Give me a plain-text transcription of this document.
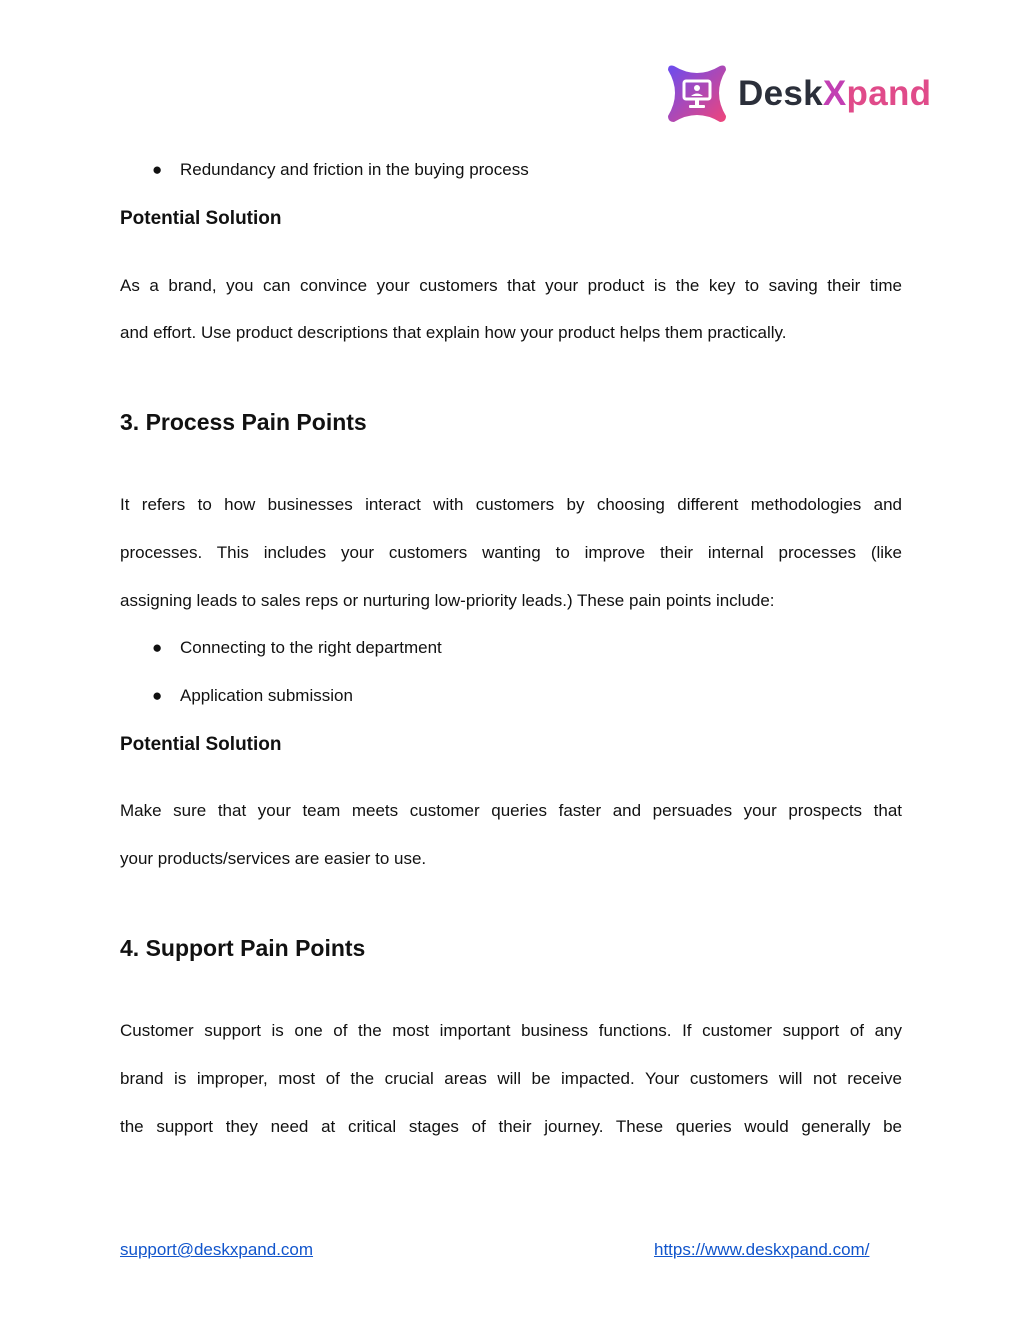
DeskXpand
● Redundancy and friction in the buying process
Potential Solution
As a brand, you can convince your customers that your product is the key to saving their time
and effort. Use product descriptions that explain how your product helps them practically.
3. Process Pain Points
It refers to how businesses interact with customers by choosing different methodologies and
processes. This includes your customers wanting to improve their internal processes (like
assigning leads to sales reps or nurturing low-priority leads.) These pain points include:
● Connecting to the right department
● Application submission
Potential Solution
Make sure that your team meets customer queries faster and persuades your prospects that
your products/services are easier to use.
4. Support Pain Points
Customer support is one of the most important business functions. If customer support of any
brand is improper, most of the crucial areas will be impacted. Your customers will not receive
the support they need at critical stages of their journey. These queries would generally be
support@deskxpand.com	https://www.deskxpand.com/
